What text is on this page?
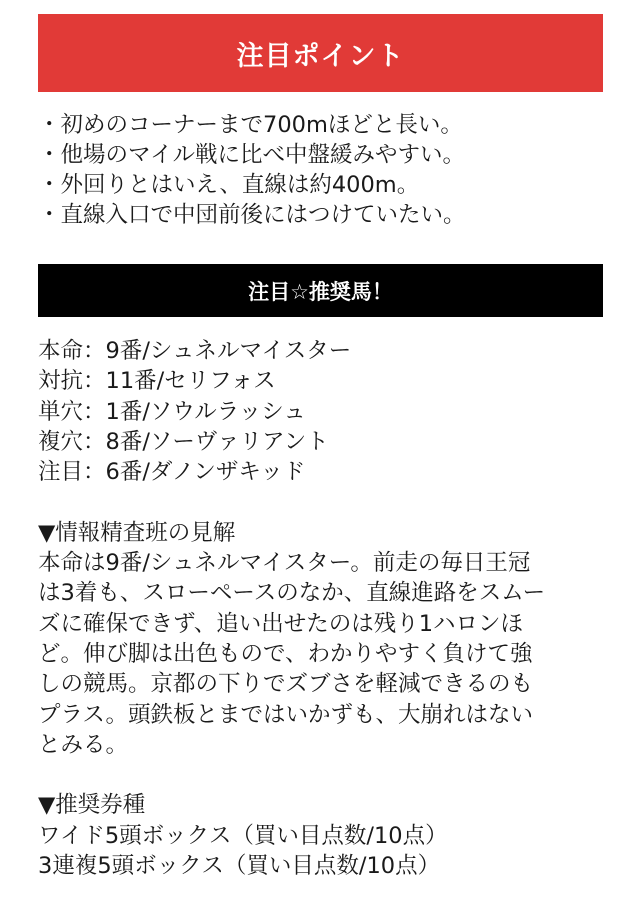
注目ポイント
・初めのコーナーまで700mほどと長い。
・他場のマイル戦に比べ中盤緩みやすい。
・外回りとはいえ、直線は約400m。
・直線入口で中団前後にはつけていたい。
注目☆推奨馬！
本命：9番/シュネルマイスター
対抗：11番/セリフォス
単穴：1番/ソウルラッシュ
複穴：8番/ソーヴァリアント
注目：6番/ダノンザキッド
▼情報精査班の見解
本命は9番/シュネルマイスター。前走の毎日王冠
は3着も、スローペースのなか、直線進路をスムー
ズに確保できず、追い出せたのは残り1ハロンほ
ど。伸び脚は出色もので、わかりやすく負けて強
しの競馬。京都の下りでズブさを軽減できるのも
プラス。頭鉄板とまではいかずも、大崩れはない
とみる。
▼推奨券種
ワイド5頭ボックス（買い目点数/10点）
3連複5頭ボックス（買い目点数/10点）
